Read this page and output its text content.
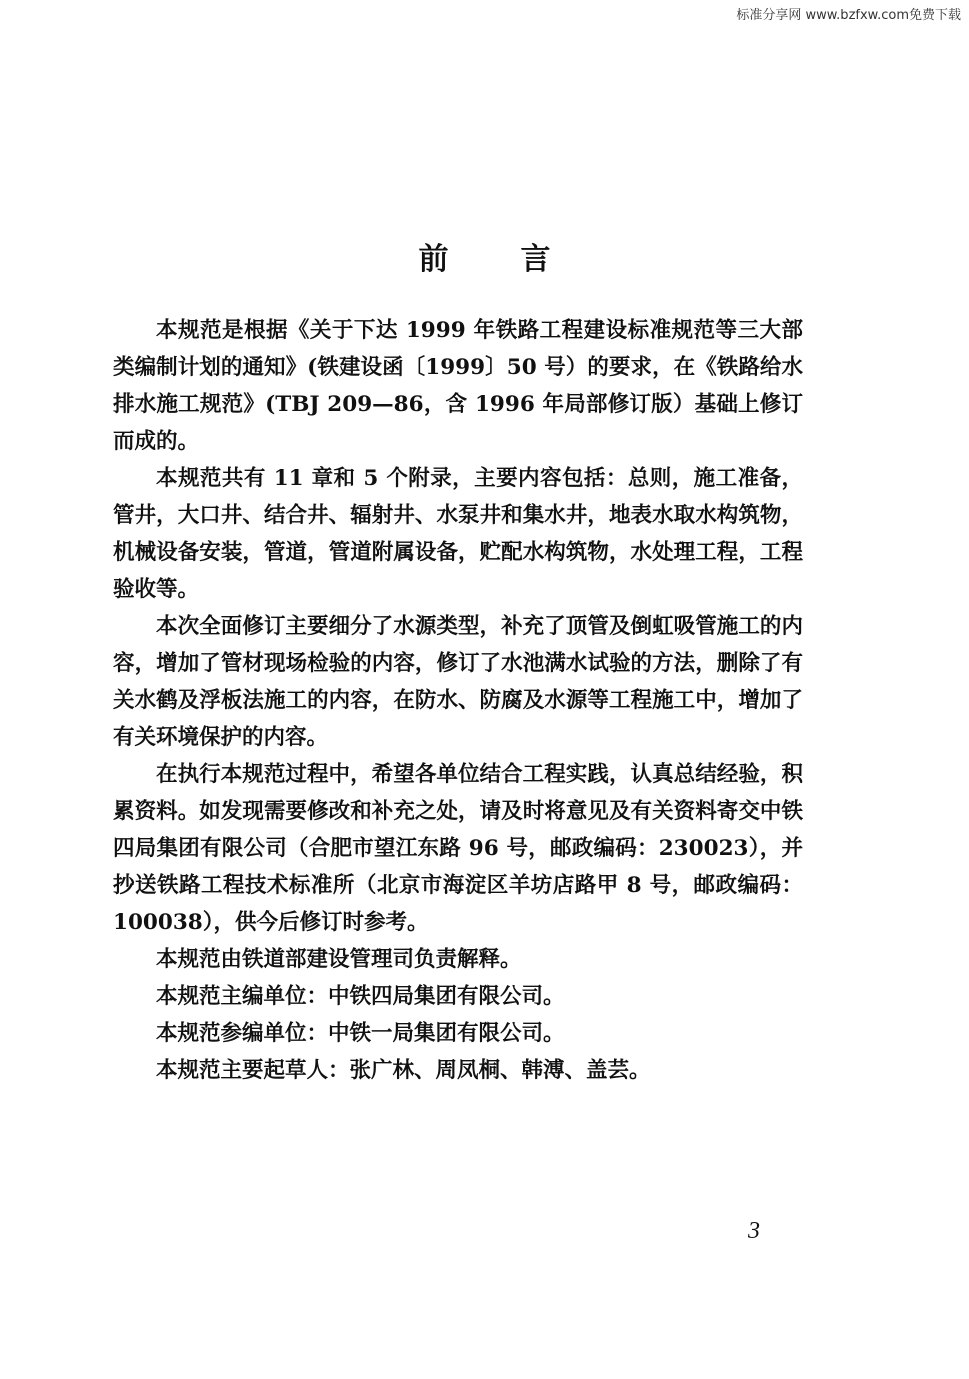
标准分享网 www.bzfxw.com免费下载
前言

本规范是根据《关于下达 1999 年铁路工程建设标准规范等三大部类编制计划的通知》(铁建设函〔1999〕50 号）的要求，在《铁路给水排水施工规范》(TBJ 209—86，含 1996 年局部修订版）基础上修订而成的。

本规范共有 11 章和 5 个附录，主要内容包括：总则，施工准备，管井，大口井、结合井、辐射井、水泵井和集水井，地表水取水构筑物，机械设备安装，管道，管道附属设备，贮配水构筑物，水处理工程，工程验收等。

本次全面修订主要细分了水源类型，补充了顶管及倒虹吸管施工的内容，增加了管材现场检验的内容，修订了水池满水试验的方法，删除了有关水鹤及浮板法施工的内容，在防水、防腐及水源等工程施工中，增加了有关环境保护的内容。

在执行本规范过程中，希望各单位结合工程实践，认真总结经验，积累资料。如发现需要修改和补充之处，请及时将意见及有关资料寄交中铁四局集团有限公司（合肥市望江东路 96 号，邮政编码：230023），并抄送铁路工程技术标准所（北京市海淀区羊坊店路甲 8 号，邮政编码：100038），供今后修订时参考。

本规范由铁道部建设管理司负责解释。

本规范主编单位：中铁四局集团有限公司。

本规范参编单位：中铁一局集团有限公司。

本规范主要起草人：张广林、周凤桐、韩溥、盖芸。

3
